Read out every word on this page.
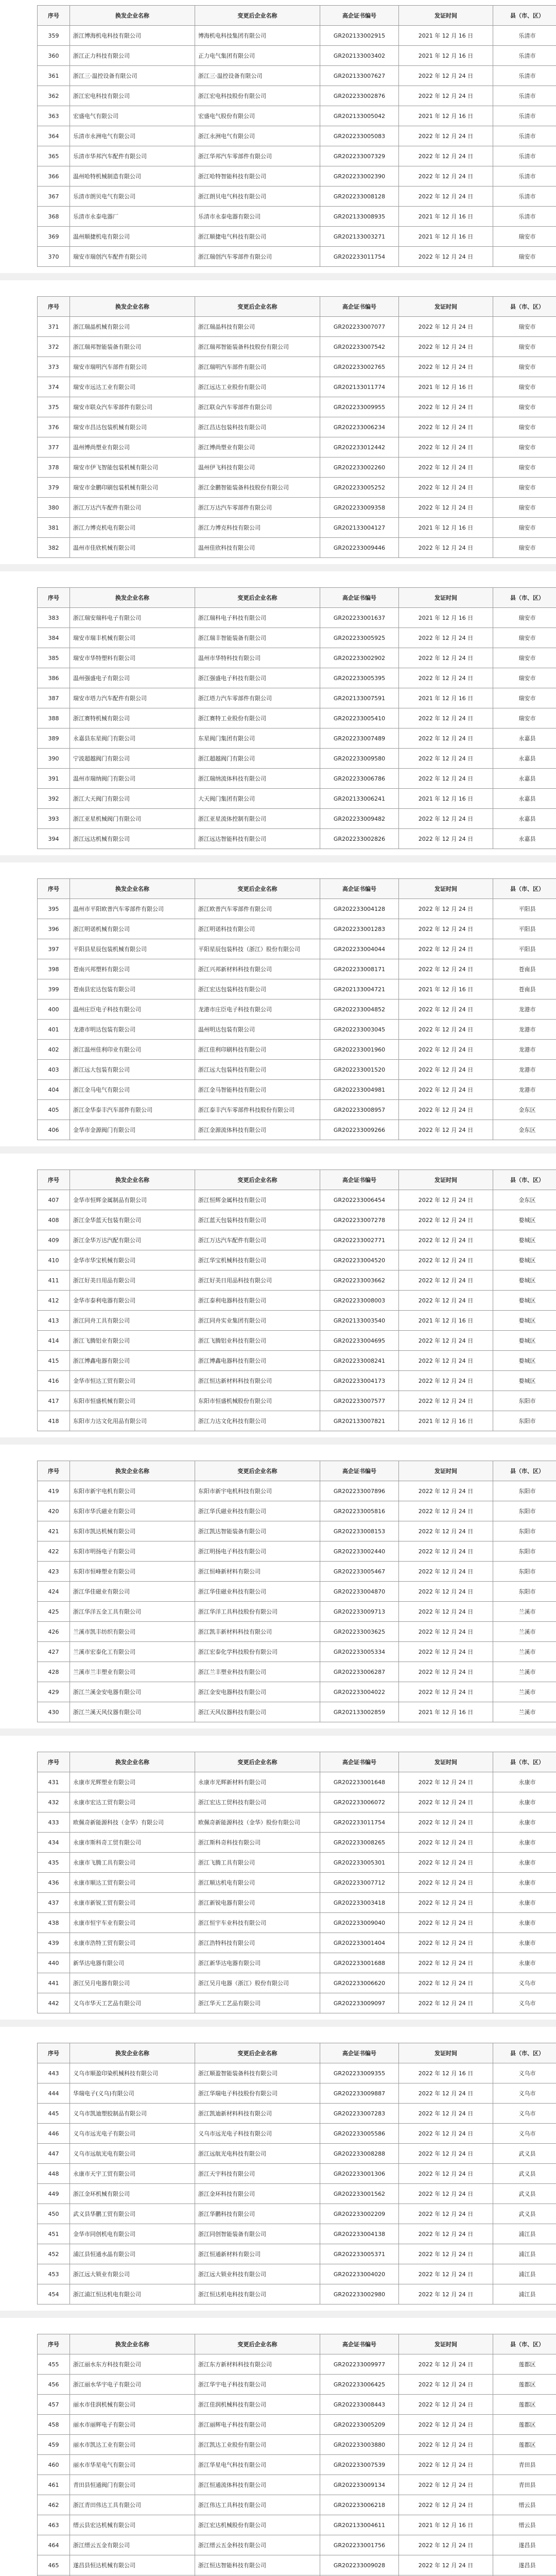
序号	换发企业名称	变更后企业名称	高企证书编号	发证时间	县（市、区）
359	浙江博海机电科技有限公司	博海机电科技集团有限公司	GR202133002915	2021 年 12 月 16 日	乐清市
360	浙江正力科技有限公司	正力电气集团有限公司	GR202133003402	2021 年 12 月 16 日	乐清市
361	浙江三·温控设备有限公司	浙江三·温控设备有限公司	GR202133007627	2022 年 12 月 24 日	乐清市
362	浙江宏电科技有限公司	浙江宏电科技股份有限公司	GR202233002876	2022 年 12 月 24 日	乐清市
363	宏盛电气有限公司	宏盛电气股份有限公司	GR202133005042	2021 年 12 月 16 日	乐清市
364	乐清市永洲电气有限公司	浙江永洲电气有限公司	GR202233005083	2022 年 12 月 24 日	乐清市
365	乐清市华邦汽车配件有限公司	浙江华邦汽车零部件有限公司	GR202233007329	2022 年 12 月 24 日	乐清市
366	温州哈特机械制造有限公司	浙江哈特智能科技有限公司	GR202233002390	2022 年 12 月 24 日	乐清市
367	乐清市朗贝电气有限公司	浙江朗贝电气科技有限公司	GR202233008128	2022 年 12 月 24 日	乐清市
368	乐清市永泰电器厂	乐清市永泰电器有限公司	GR202133008935	2021 年 12 月 16 日	乐清市
369	温州顺捷机电有限公司	浙江顺捷电气科技有限公司	GR202133003271	2021 年 12 月 16 日	瑞安市
370	瑞安市瑞创汽车配件有限公司	浙江瑞创汽车零部件有限公司	GR202233011754	2022 年 12 月 24 日	瑞安市
序号	换发企业名称	变更后企业名称	高企证书编号	发证时间	县（市、区）
371	浙江瑞晶机械有限公司	浙江瑞晶科技有限公司	GR202233007077	2022 年 12 月 24 日	瑞安市
372	浙江瑞邦智能装备有限公司	浙江瑞邦智能装备科技股份有限公司	GR202233007542	2022 年 12 月 24 日	瑞安市
373	瑞安市瑞明汽车部件有限公司	浙江瑞明汽车部件有限公司	GR202233002765	2022 年 12 月 24 日	瑞安市
374	瑞安市远达工业有限公司	浙江远达工业股份有限公司	GR202133011774	2021 年 12 月 16 日	瑞安市
375	瑞安市联众汽车零部件有限公司	浙江联众汽车零部件有限公司	GR202233009955	2022 年 12 月 24 日	瑞安市
376	瑞安市昌达包装机械有限公司	浙江昌达包装科技有限公司	GR202233006234	2022 年 12 月 24 日	瑞安市
377	温州博尚塑业有限公司	浙江博尚塑业有限公司	GR202233012442	2022 年 12 月 24 日	瑞安市
378	瑞安市伊飞智能包装机械有限公司	温州伊飞科技有限公司	GR202233002260	2022 年 12 月 24 日	瑞安市
379	瑞安市金鹏印刷包装机械有限公司	浙江金鹏智能装备科技股份有限公司	GR202233005252	2022 年 12 月 24 日	瑞安市
380	浙江万达汽车配件有限公司	浙江万达汽车零部件有限公司	GR202233009358	2022 年 12 月 24 日	瑞安市
381	浙江力博克机电有限公司	浙江力博克科技有限公司	GR202133004127	2021 年 12 月 16 日	瑞安市
382	温州市佳欣机械有限公司	温州佳欣科技有限公司	GR202233009446	2022 年 12 月 24 日	瑞安市
序号	换发企业名称	变更后企业名称	高企证书编号	发证时间	县（市、区）
383	浙江瑞安瑞科电子有限公司	浙江瑞科电子科技有限公司	GR202233001637	2021 年 12 月 16 日	瑞安市
384	瑞安市瑞丰机械有限公司	浙江瑞丰智能装备有限公司	GR202233005925	2022 年 12 月 24 日	瑞安市
385	瑞安市华特塑料有限公司	温州市华特科技有限公司	GR202233002902	2022 年 12 月 24 日	瑞安市
386	温州强盛电子有限公司	浙江强盛电子科技有限公司	GR202233005395	2022 年 12 月 24 日	瑞安市
387	瑞安市塔力汽车配件有限公司	浙江塔力汽车零部件有限公司	GR202133007591	2021 年 12 月 16 日	瑞安市
388	浙江赛特机械有限公司	浙江赛特工业股份有限公司	GR202233005410	2022 年 12 月 24 日	瑞安市
389	永嘉县东星阀门有限公司	东星阀门集团有限公司	GR202233007489	2022 年 12 月 24 日	永嘉县
390	宁波超越阀门有限公司	浙江超越阀门有限公司	GR202233009580	2022 年 12 月 24 日	永嘉县
391	温州市瑞纳阀门有限公司	浙江瑞纳流体科技有限公司	GR202233006786	2022 年 12 月 24 日	永嘉县
392	浙江大天阀门有限公司	大天阀门集团有限公司	GR202133006241	2021 年 12 月 16 日	永嘉县
393	浙江亚星机械阀门有限公司	浙江亚星流体控制有限公司	GR202233009482	2022 年 12 月 24 日	永嘉县
394	浙江远达机械有限公司	浙江远达智能科技有限公司	GR202233002826	2022 年 12 月 24 日	永嘉县
序号	换发企业名称	变更后企业名称	高企证书编号	发证时间	县（市、区）
395	温州市平阳欧普汽车零部件有限公司	浙江欧普汽车零部件有限公司	GR202233004128	2022 年 12 月 24 日	平阳县
396	浙江明诺机械有限公司	浙江明诺科技有限公司	GR202233001283	2022 年 12 月 24 日	平阳县
397	平阳县星辰包装机械有限公司	平阳星辰包装科技（浙江）股份有限公司	GR202233004044	2022 年 12 月 24 日	平阳县
398	苍南兴邦塑料有限公司	浙江兴邦新材料科技有限公司	GR202233008171	2022 年 12 月 24 日	苍南县
399	苍南县宏达包装有限公司	浙江宏达包装科技有限公司	GR202133004721	2021 年 12 月 16 日	苍南县
400	温州庄臣电子科技有限公司	龙港市庄臣电子科技有限公司	GR202233004852	2022 年 12 月 24 日	龙港市
401	龙港市明达包装有限公司	温州明达包装有限公司	GR202233003045	2022 年 12 月 24 日	龙港市
402	浙江温州佳利印业有限公司	浙江佳利印刷科技有限公司	GR202233001960	2022 年 12 月 24 日	龙港市
403	浙江远大包装有限公司	浙江远大包装科技有限公司	GR202233001520	2022 年 12 月 24 日	龙港市
404	浙江金马电气有限公司	浙江金马智能科技有限公司	GR202233004981	2022 年 12 月 24 日	龙港市
405	浙江金华泰丰汽车部件有限公司	浙江泰丰汽车零部件科技股份有限公司	GR202233008957	2022 年 12 月 24 日	金东区
406	金华市金源阀门有限公司	浙江金源流体科技有限公司	GR202233009266	2022 年 12 月 24 日	金东区
序号	换发企业名称	变更后企业名称	高企证书编号	发证时间	县（市、区）
407	金华市恒辉金属制品有限公司	浙江恒辉金属科技有限公司	GR202233006454	2022 年 12 月 24 日	金东区
408	浙江金华蓝天包装有限公司	浙江蓝天包装科技有限公司	GR202233007278	2022 年 12 月 24 日	婺城区
409	浙江金华万达汽配有限公司	浙江万达汽车配件有限公司	GR202233002771	2022 年 12 月 24 日	婺城区
410	金华市华宝机械有限公司	浙江华宝机械科技有限公司	GR202233004520	2022 年 12 月 24 日	婺城区
411	浙江好美日用品有限公司	浙江好美日用品科技有限公司	GR202233003662	2022 年 12 月 24 日	婺城区
412	金华市泰利电器有限公司	浙江泰利电器科技有限公司	GR202233008003	2022 年 12 月 24 日	婺城区
413	浙江同舟工具有限公司	浙江同舟实业集团有限公司	GR202133003540	2021 年 12 月 16 日	婺城区
414	浙江飞腾铝业有限公司	浙江飞腾铝业科技有限公司	GR202233004695	2022 年 12 月 24 日	婺城区
415	浙江博鑫电器有限公司	浙江博鑫电器科技有限公司	GR202233008241	2022 年 12 月 24 日	婺城区
416	金华市恒达工贸有限公司	浙江恒达新材料科技有限公司	GR202233004173	2022 年 12 月 24 日	婺城区
417	东阳市恒盛机械有限公司	东阳市恒盛机械股份有限公司	GR202233007577	2022 年 12 月 24 日	东阳市
418	东阳市力达文化用品有限公司	浙江力达文化科技有限公司	GR202133007821	2021 年 12 月 16 日	东阳市
序号	换发企业名称	变更后企业名称	高企证书编号	发证时间	县（市、区）
419	东阳市新宇电机有限公司	东阳市新宇电机科技有限公司	GR202233007896	2022 年 12 月 24 日	东阳市
420	东阳市华氏磁业有限公司	浙江华氏磁业科技有限公司	GR202233005816	2022 年 12 月 24 日	东阳市
421	东阳市凯达机械有限公司	浙江凯达智能装备有限公司	GR202233008153	2022 年 12 月 24 日	东阳市
422	东阳市明扬电子有限公司	浙江明扬电子科技有限公司	GR202233002440	2022 年 12 月 24 日	东阳市
423	东阳市恒峰塑业有限公司	浙江恒峰新材料有限公司	GR202233005467	2022 年 12 月 24 日	东阳市
424	浙江华佳磁业有限公司	浙江华佳磁业科技有限公司	GR202233004870	2022 年 12 月 24 日	东阳市
425	浙江华洋五金工具有限公司	浙江华洋工具科技股份有限公司	GR202233009713	2022 年 12 月 24 日	兰溪市
426	兰溪市凯丰纺织有限公司	浙江凯丰新材料科技有限公司	GR202233003625	2022 年 12 月 24 日	兰溪市
427	兰溪市宏泰化工有限公司	浙江宏泰化学科技股份有限公司	GR202233005334	2022 年 12 月 24 日	兰溪市
428	兰溪市兰丰塑业有限公司	浙江兰丰塑业科技有限公司	GR202233006287	2022 年 12 月 24 日	兰溪市
429	浙江兰溪金安电器有限公司	浙江金安电器科技有限公司	GR202233004022	2022 年 12 月 24 日	兰溪市
430	浙江兰溪天风仪器有限公司	浙江天风仪器科技有限公司	GR202133002859	2021 年 12 月 16 日	兰溪市
序号	换发企业名称	变更后企业名称	高企证书编号	发证时间	县（市、区）
431	永康市光辉塑业有限公司	永康市光辉新材料有限公司	GR202233001648	2022 年 12 月 24 日	永康市
432	永康市宏达工贸有限公司	浙江宏达工贸科技有限公司	GR202233006072	2022 年 12 月 24 日	永康市
433	欧佩奇新能源科技（金华）有限公司	欧佩奇新能源科技（金华）股份有限公司	GR202233011754	2022 年 12 月 24 日	永康市
434	永康市斯科奇工贸有限公司	浙江斯科奇科技有限公司	GR202233008265	2022 年 12 月 24 日	永康市
435	永康市飞腾工具有限公司	浙江飞腾工具有限公司	GR202233005301	2022 年 12 月 24 日	永康市
436	永康市顺达工贸有限公司	浙江顺达机电有限公司	GR202233007712	2022 年 12 月 24 日	永康市
437	永康市新锐工贸有限公司	浙江新锐电器有限公司	GR202233003418	2022 年 12 月 24 日	永康市
438	永康市恒宇车业有限公司	浙江恒宇车业科技有限公司	GR202233009040	2022 年 12 月 24 日	永康市
439	永康市浩特工贸有限公司	浙江浩特科技有限公司	GR202233001404	2022 年 12 月 24 日	永康市
440	新华达电器有限公司	浙江新华达电器有限公司	GR202233001688	2022 年 12 月 24 日	永康市
441	浙江吴月电器有限公司	浙江吴月电器（浙江）股份有限公司	GR202233006620	2022 年 12 月 24 日	义乌市
442	义乌市华天工艺品有限公司	浙江华天工艺品有限公司	GR202233009097	2022 年 12 月 24 日	义乌市
序号	换发企业名称	变更后企业名称	高企证书编号	发证时间	县（市、区）
443	义乌市顺盈印染机械科技有限公司	浙江顺盈智能装备科技有限公司	GR202233009355	2022 年 12 月 16 日	义乌市
444	华瑞电子(义乌)有限公司	浙江华瑞电子科技股份有限公司	GR202233009887	2022 年 12 月 24 日	义乌市
445	义乌市凯迪塑胶制品有限公司	浙江凯迪新材料科技有限公司	GR202233007283	2022 年 12 月 24 日	义乌市
446	义乌市远光电子有限公司	义乌市远光电子科技有限公司	GR202233005586	2022 年 12 月 24 日	义乌市
447	义乌市远航光电有限公司	浙江远航光电科技有限公司	GR202233008288	2022 年 12 月 24 日	武义县
448	永康市天宇工贸有限公司	浙江天宇科技有限公司	GR202233001306	2022 年 12 月 24 日	武义县
449	浙江金环机械有限公司	浙江金环科技有限公司	GR202233001562	2022 年 12 月 24 日	武义县
450	武义县华鹏工贸有限公司	浙江华鹏科技有限公司	GR202233002209	2022 年 12 月 24 日	武义县
451	金华市同创机电有限公司	浙江同创智能装备有限公司	GR202233004138	2022 年 12 月 24 日	浦江县
452	浦江县恒通水晶有限公司	浙江恒通新材料有限公司	GR202233005371	2022 年 12 月 24 日	浦江县
453	浙江远大锁业有限公司	浙江远大锁业科技有限公司	GR202233004020	2022 年 12 月 24 日	浦江县
454	浙江浦江恒达机电有限公司	浙江恒达机电科技有限公司	GR202233002980	2022 年 12 月 24 日	浦江县
序号	换发企业名称	变更后企业名称	高企证书编号	发证时间	县（市、区）
455	浙江丽水东方科技有限公司	浙江东方新材料科技有限公司	GR202233009977	2022 年 12 月 24 日	莲都区
456	浙江丽水华宇电子有限公司	浙江华宇电子科技有限公司	GR202233006425	2022 年 12 月 24 日	莲都区
457	丽水市佳润机械有限公司	浙江佳润机械科技有限公司	GR202233008443	2022 年 12 月 24 日	莲都区
458	丽水市丽辉电子有限公司	浙江丽辉电子科技有限公司	GR202233005209	2022 年 12 月 24 日	莲都区
459	丽水市凯达工业有限公司	浙江凯达工业股份有限公司	GR202233003880	2022 年 12 月 24 日	莲都区
460	丽水市华星电气有限公司	浙江华星电气科技有限公司	GR202233007539	2022 年 12 月 24 日	青田县
461	青田县恒通阀门有限公司	浙江恒通流体科技有限公司	GR202233009134	2022 年 12 月 24 日	青田县
462	浙江青田伟达工具有限公司	浙江伟达工具科技有限公司	GR202233006218	2022 年 12 月 24 日	缙云县
463	缙云县宏达机械有限公司	浙江宏达机械股份有限公司	GR202133004611	2021 年 12 月 16 日	缙云县
464	浙江缙云五金有限公司	浙江缙云五金科技有限公司	GR202233001756	2022 年 12 月 24 日	遂昌县
465	遂昌县恒达机械有限公司	浙江恒达智能科技有限公司	GR202233009028	2022 年 12 月 24 日	遂昌县
